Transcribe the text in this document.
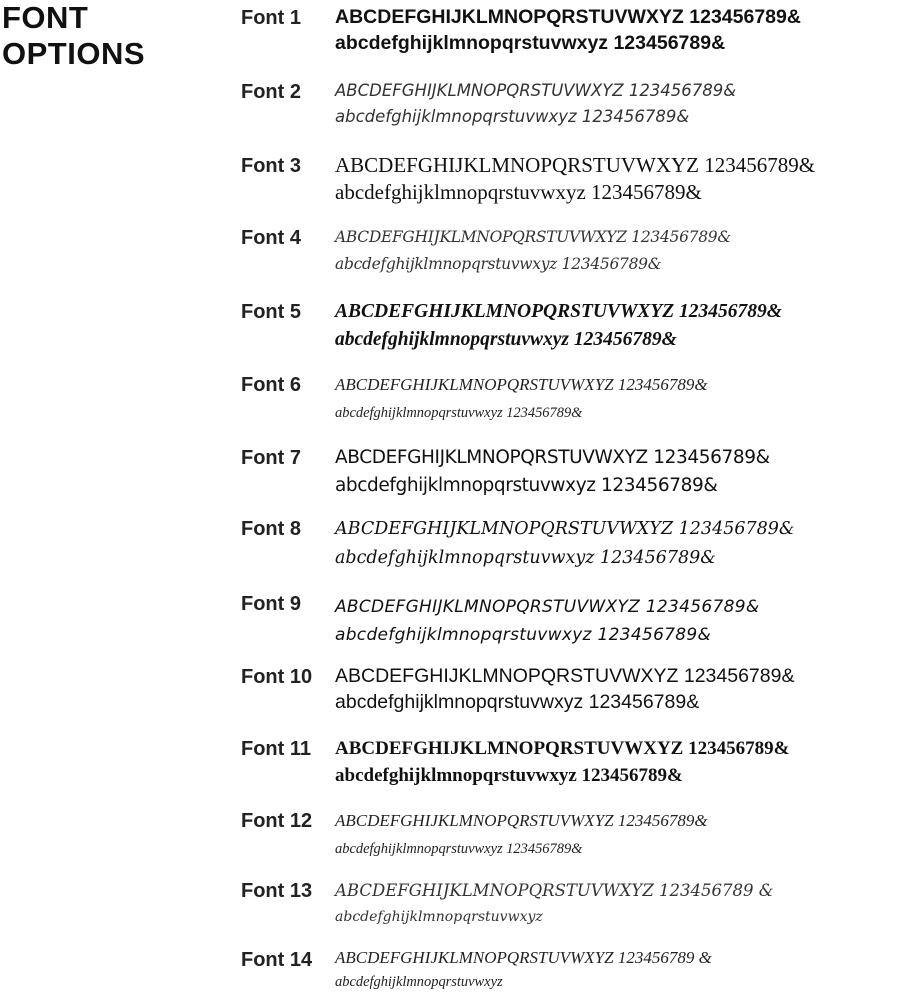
FONT
OPTIONS
Font 1 ABCDEFGHIJKLMNOPQRSTUVWXYZ 123456789&
abcdefghijklmnopqrstuvwxyz 123456789&
Font 2 ABCDEFGHIJKLMNOPQRSTUVWXYZ 123456789&
abcdefghijklmnopqrstuvwxyz 123456789&
Font 3 ABCDEFGHIJKLMNOPQRSTUVWXYZ 123456789&
abcdefghijklmnopqrstuvwxyz 123456789&
Font 4 ABCDEFGHIJKLMNOPQRSTUVWXYZ 123456789&
abcdefghijklmnopqrstuvwxyz 123456789&
Font 5 ABCDEFGHIJKLMNOPQRSTUVWXYZ 123456789&
abcdefghijklmnopqrstuvwxyz 123456789&
Font 6 ABCDEFGHIJKLMNOPQRSTUVWXYZ 123456789&
abcdefghijklmnopqrstuvwxyz 123456789&
Font 7 ABCDEFGHIJKLMNOPQRSTUVWXYZ 123456789&
abcdefghijklmnopqrstuvwxyz 123456789&
Font 8 ABCDEFGHIJKLMNOPQRSTUVWXYZ 123456789&
abcdefghijklmnopqrstuvwxyz 123456789&
Font 9 ABCDEFGHIJKLMNOPQRSTUVWXYZ 123456789&
abcdefghijklmnopqrstuvwxyz 123456789&
Font 10 ABCDEFGHIJKLMNOPQRSTUVWXYZ 123456789&
abcdefghijklmnopqrstuvwxyz 123456789&
Font 11 ABCDEFGHIJKLMNOPQRSTUVWXYZ 123456789&
abcdefghijklmnopqrstuvwxyz 123456789&
Font 12 ABCDEFGHIJKLMNOPQRSTUVWXYZ 123456789&
abcdefghijklmnopqrstuvwxyz 123456789&
Font 13 ABCDEFGHIJKLMNOPQRSTUVWXYZ 123456789 &
abcdefghijklmnopqrstuvwxyz
Font 14 ABCDEFGHIJKLMNOPQRSTUVWXYZ 123456789 &
abcdefghijklmnopqrstuvwxyz
